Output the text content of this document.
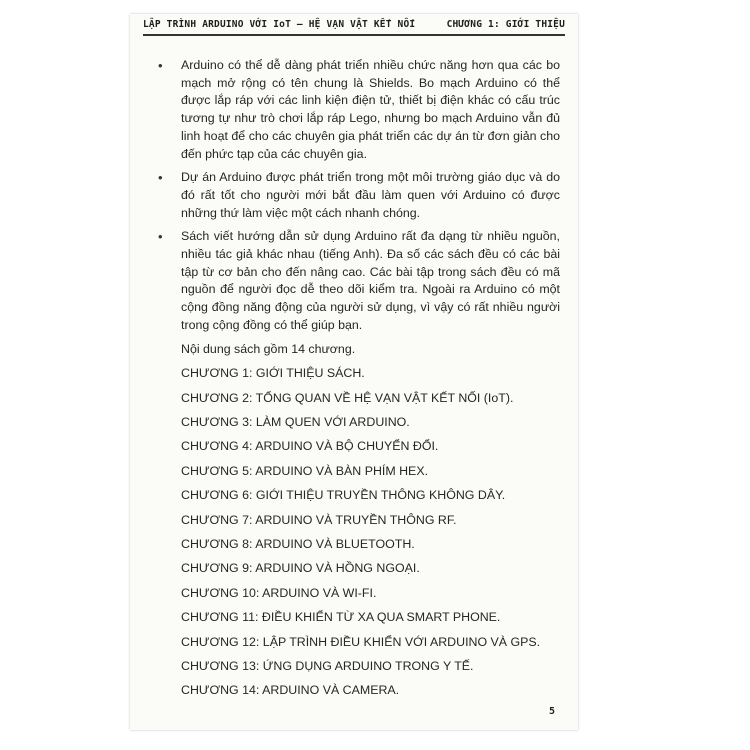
LẬP TRÌNH ARDUINO VỚI IoT – HỆ VẠN VẬT KẾT NỐI	CHƯƠNG 1: GIỚI THIỆU
• Arduino có thể dễ dàng phát triển nhiều chức năng hơn qua các bo mạch mở rộng có tên chung là Shields. Bo mạch Arduino có thể được lắp ráp với các linh kiện điện tử, thiết bị điện khác có cấu trúc tương tự như trò chơi lắp ráp Lego, nhưng bo mạch Arduino vẫn đủ linh hoạt để cho các chuyên gia phát triển các dự án từ đơn giản cho đến phức tạp của các chuyên gia.
• Dự án Arduino được phát triển trong một môi trường giáo dục và do đó rất tốt cho người mới bắt đầu làm quen với Arduino có được những thứ làm việc một cách nhanh chóng.
• Sách viết hướng dẫn sử dụng Arduino rất đa dạng từ nhiều nguồn, nhiều tác giả khác nhau (tiếng Anh). Đa số các sách đều có các bài tập từ cơ bản cho đến nâng cao. Các bài tập trong sách đều có mã nguồn để người đọc dễ theo dõi kiểm tra. Ngoài ra Arduino có một cộng đồng năng động của người sử dụng, vì vậy có rất nhiều người trong cộng đồng có thể giúp bạn.
Nội dung sách gồm 14 chương.
CHƯƠNG 1: GIỚI THIỆU SÁCH.
CHƯƠNG 2: TỔNG QUAN VỀ HỆ VẠN VẬT KẾT NỐI (IoT).
CHƯƠNG 3: LÀM QUEN VỚI ARDUINO.
CHƯƠNG 4: ARDUINO VÀ BỘ CHUYỂN ĐỔI.
CHƯƠNG 5: ARDUINO VÀ BÀN PHÍM HEX.
CHƯƠNG 6: GIỚI THIỆU TRUYỀN THÔNG KHÔNG DÂY.
CHƯƠNG 7: ARDUINO VÀ TRUYỀN THÔNG RF.
CHƯƠNG 8: ARDUINO VÀ BLUETOOTH.
CHƯƠNG 9: ARDUINO VÀ HỒNG NGOẠI.
CHƯƠNG 10: ARDUINO VÀ WI-FI.
CHƯƠNG 11: ĐIỀU KHIỂN TỪ XA QUA SMART PHONE.
CHƯƠNG 12: LẬP TRÌNH ĐIỀU KHIỂN VỚI ARDUINO VÀ GPS.
CHƯƠNG 13: ỨNG DỤNG ARDUINO TRONG Y TẾ.
CHƯƠNG 14: ARDUINO VÀ CAMERA.
5
